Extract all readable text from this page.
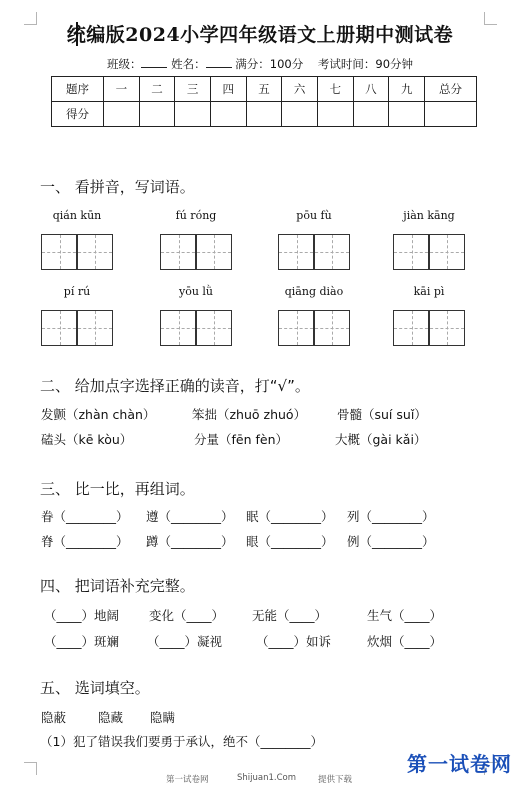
统编版2024小学四年级语文上册期中测试卷
班级：	姓名：	满分：100分 考试时间：90分钟
题序	一	二	三	四	五	六	七	八	九	总分
得分										
一、 看拼音，写词语。
qián kūn	fú róng	pōu fù	jiàn kāng
pí rú	yōu lǜ	qiāng diào	kāi pì
二、 给加点字选择正确的读音，打“√”。
发颤（zhàn chàn）	笨拙（zhuō zhuó） 骨髓（suí suǐ）
磕头（kē kòu）	分量（fēn fèn）	大概（gài kǎi）
三、 比一比，再组词。
眷（________） 遵（________） 眠（________） 列（________）
脊（________） 蹲（________） 眼（________） 例（________）
四、 把词语补充完整。
（____）地阔 变化（____） 无能（____）	生气（____）
（____）斑斓 （____）凝视	（____）如诉	炊烟（____）
五、 选词填空。
隐蔽	隐藏 隐瞒
（1）犯了错误我们要勇于承认，绝不（________）
第一试卷网	Shijuan1.Com	提供下载
第一试卷网
